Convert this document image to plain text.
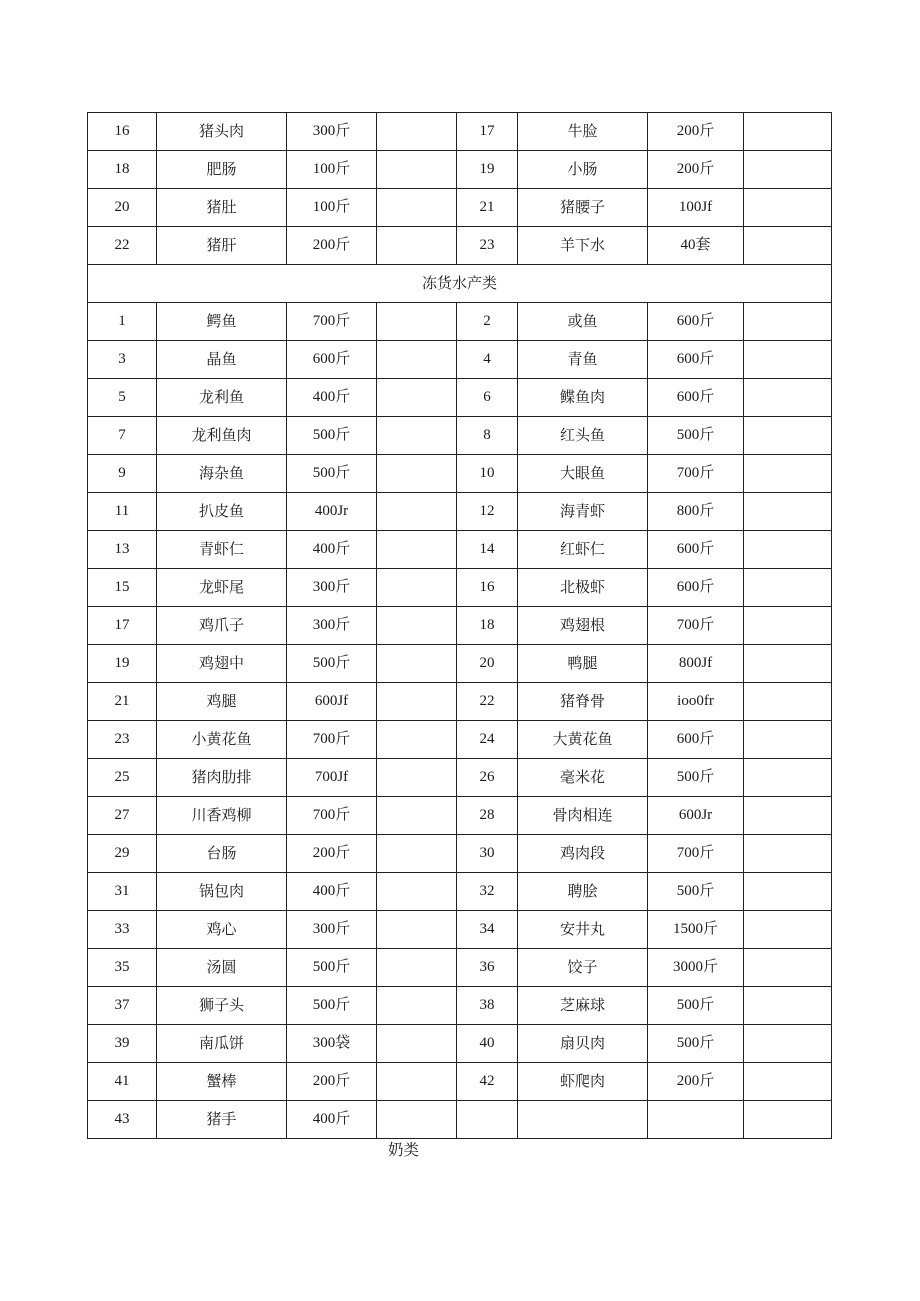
16	猪头肉	300斤		17	牛脸	200斤	
18	肥肠	100斤		19	小肠	200斤	
20	猪肚	100斤		21	猪腰子	100Jf	
22	猪肝	200斤		23	羊下水	40套	
冻货水产类							
1	鳄鱼	700斤		2	或鱼	600斤	
3	晶鱼	600斤		4	青鱼	600斤	
5	龙利鱼	400斤		6	鲽鱼肉	600斤	
7	龙利鱼肉	500斤		8	红头鱼	500斤	
9	海杂鱼	500斤		10	大眼鱼	700斤	
11	扒皮鱼	400Jr		12	海青虾	800斤	
13	青虾仁	400斤		14	红虾仁	600斤	
15	龙虾尾	300斤		16	北极虾	600斤	
17	鸡爪子	300斤		18	鸡翅根	700斤	
19	鸡翅中	500斤		20	鸭腿	800Jf	
21	鸡腿	600Jf		22	猪脊骨	ioo0fr	
23	小黄花鱼	700斤		24	大黄花鱼	600斤	
25	猪肉肋排	700Jf		26	毫米花	500斤	
27	川香鸡柳	700斤		28	骨肉相连	600Jr	
29	台肠	200斤		30	鸡肉段	700斤	
31	锅包肉	400斤		32	聘脍	500斤	
33	鸡心	300斤		34	安井丸	1500斤	
35	汤圆	500斤		36	饺子	3000斤	
37	狮子头	500斤		38	芝麻球	500斤	
39	南瓜饼	300袋		40	扇贝肉	500斤	
41	蟹棒	200斤		42	虾爬肉	200斤	
43	猪手	400斤					
奶类
